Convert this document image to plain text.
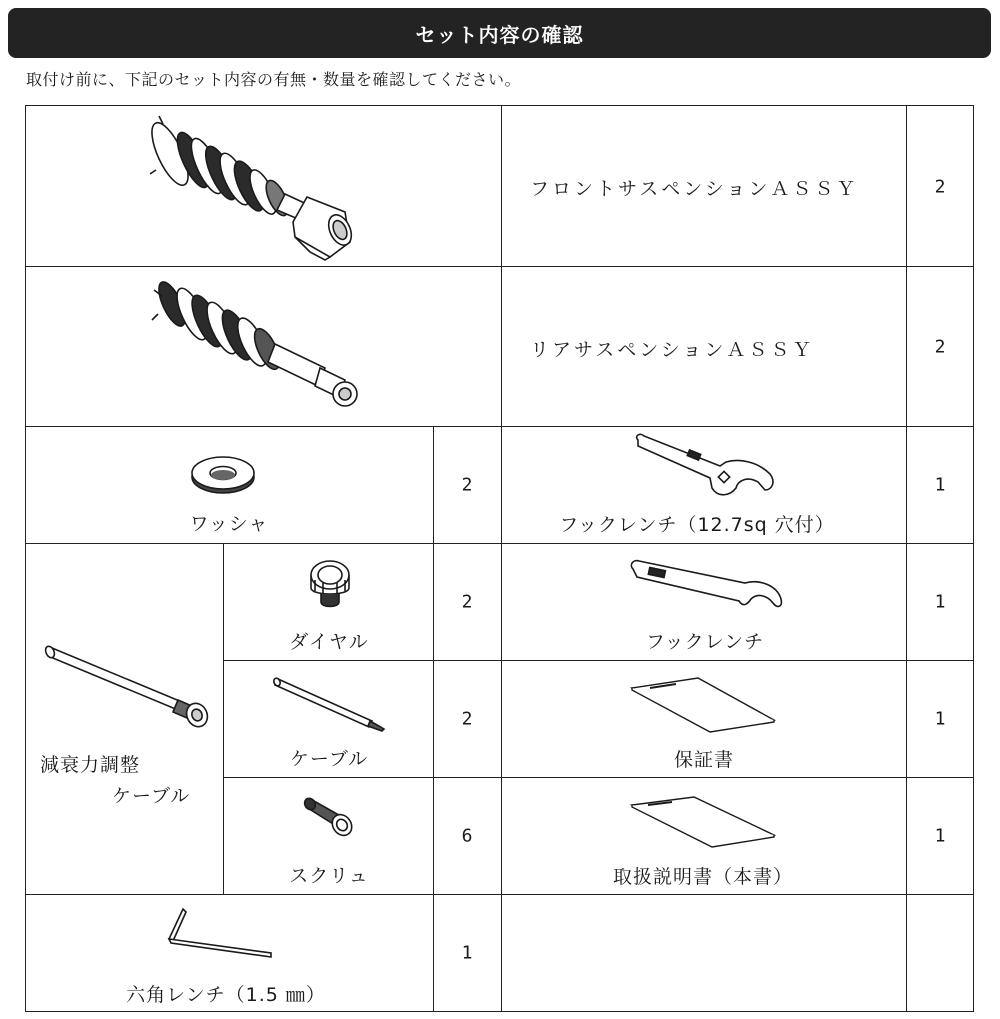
セット内容の確認
取付け前に、下記のセット内容の有無・数量を確認してください。
フロントサスペンションＡＳＳＹ	2
リアサスペンションＡＳＳＹ	2
ワッシャ
2
フックレンチ（12.7sq 穴付）
1
減衰力調整
ケーブル
ダイヤル
2
フックレンチ
1
ケーブル
2
保証書
1
スクリュ
6
取扱説明書（本書）
1
六角レンチ（1.5 ㎜）
1
